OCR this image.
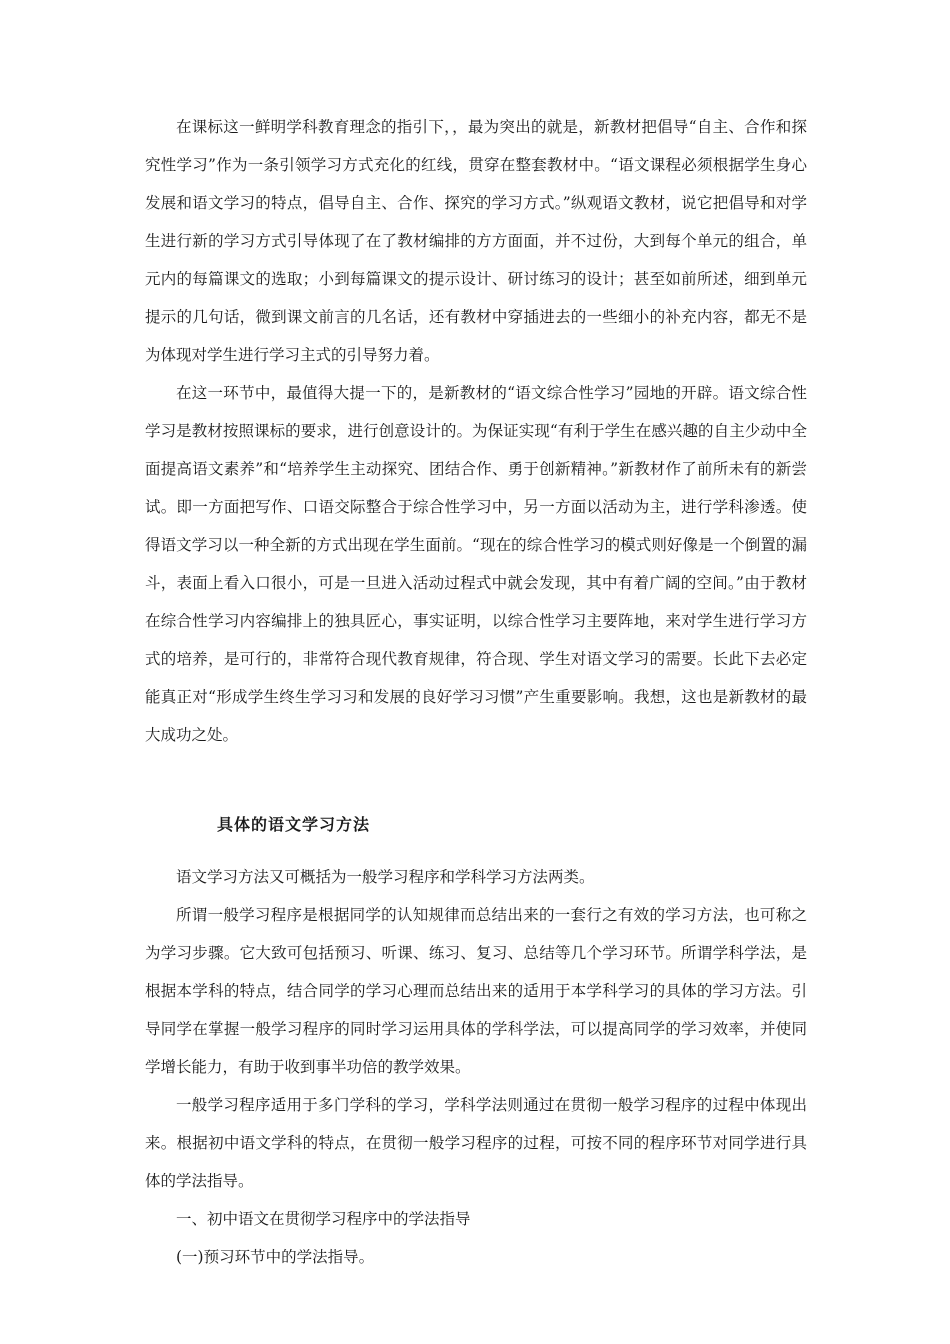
在课标这一鲜明学科教育理念的指引下，，最为突出的就是，新教材把倡导“自主、合作和探究性学习”作为一条引领学习方式充化的红线，贯穿在整套教材中。“语文课程必须根据学生身心发展和语文学习的特点，倡导自主、合作、探究的学习方式。”纵观语文教材，说它把倡导和对学生进行新的学习方式引导体现了在了教材编排的方方面面，并不过份，大到每个单元的组合，单元内的每篇课文的选取；小到每篇课文的提示设计、研讨练习的设计；甚至如前所述，细到单元提示的几句话，微到课文前言的几名话，还有教材中穿插进去的一些细小的补充内容，都无不是为体现对学生进行学习主式的引导努力着。

在这一环节中，最值得大提一下的，是新教材的“语文综合性学习”园地的开辟。语文综合性学习是教材按照课标的要求，进行创意设计的。为保证实现“有利于学生在感兴趣的自主少动中全面提高语文素养”和“培养学生主动探究、团结合作、勇于创新精神。”新教材作了前所未有的新尝试。即一方面把写作、口语交际整合于综合性学习中，另一方面以活动为主，进行学科渗透。使得语文学习以一种全新的方式出现在学生面前。“现在的综合性学习的模式则好像是一个倒置的漏斗，表面上看入口很小，可是一旦进入活动过程式中就会发现，其中有着广阔的空间。”由于教材在综合性学习内容编排上的独具匠心，事实证明，以综合性学习主要阵地，来对学生进行学习方式的培养，是可行的，非常符合现代教育规律，符合现、学生对语文学习的需要。长此下去必定能真正对“形成学生终生学习习和发展的良好学习习惯”产生重要影响。我想，这也是新教材的最大成功之处。

具体的语文学习方法

语文学习方法又可概括为一般学习程序和学科学习方法两类。

所谓一般学习程序是根据同学的认知规律而总结出来的一套行之有效的学习方法，也可称之为学习步骤。它大致可包括预习、听课、练习、复习、总结等几个学习环节。所谓学科学法，是根据本学科的特点，结合同学的学习心理而总结出来的适用于本学科学习的具体的学习方法。引导同学在掌握一般学习程序的同时学习运用具体的学科学法，可以提高同学的学习效率，并使同学增长能力，有助于收到事半功倍的教学效果。

一般学习程序适用于多门学科的学习，学科学法则通过在贯彻一般学习程序的过程中体现出来。根据初中语文学科的特点，在贯彻一般学习程序的过程，可按不同的程序环节对同学进行具体的学法指导。

一、初中语文在贯彻学习程序中的学法指导

(一)预习环节中的学法指导。
